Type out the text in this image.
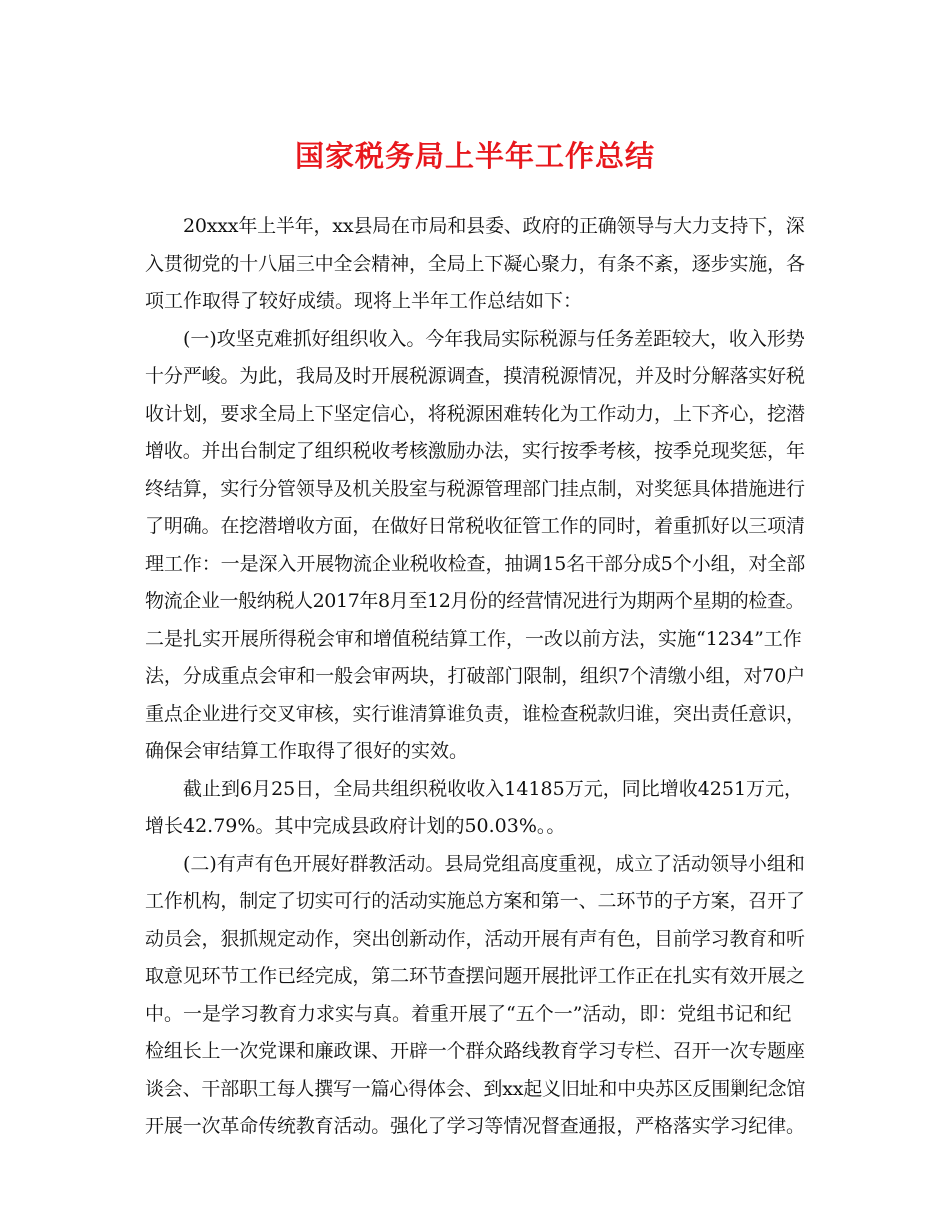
国家税务局上半年工作总结
20xxx年上半年，xx县局在市局和县委、政府的正确领导与大力支持下，深
入贯彻党的十八届三中全会精神，全局上下凝心聚力，有条不紊，逐步实施，各
项工作取得了较好成绩。现将上半年工作总结如下：
(一)攻坚克难抓好组织收入。今年我局实际税源与任务差距较大，收入形势
十分严峻。为此，我局及时开展税源调查，摸清税源情况，并及时分解落实好税
收计划，要求全局上下坚定信心，将税源困难转化为工作动力，上下齐心，挖潜
增收。并出台制定了组织税收考核激励办法，实行按季考核，按季兑现奖惩，年
终结算，实行分管领导及机关股室与税源管理部门挂点制，对奖惩具体措施进行
了明确。在挖潜增收方面，在做好日常税收征管工作的同时，着重抓好以三项清
理工作：一是深入开展物流企业税收检查，抽调15名干部分成5个小组，对全部
物流企业一般纳税人2017年8月至12月份的经营情况进行为期两个星期的检查。
二是扎实开展所得税会审和增值税结算工作，一改以前方法，实施“1234”工作
法，分成重点会审和一般会审两块，打破部门限制，组织7个清缴小组，对70户
重点企业进行交叉审核，实行谁清算谁负责，谁检查税款归谁，突出责任意识，
确保会审结算工作取得了很好的实效。
截止到6月25日，全局共组织税收收入14185万元，同比增收4251万元，
增长42.79%。其中完成县政府计划的50.03%。。
(二)有声有色开展好群教活动。县局党组高度重视，成立了活动领导小组和
工作机构，制定了切实可行的活动实施总方案和第一、二环节的子方案，召开了
动员会，狠抓规定动作，突出创新动作，活动开展有声有色，目前学习教育和听
取意见环节工作已经完成，第二环节查摆问题开展批评工作正在扎实有效开展之
中。一是学习教育力求实与真。着重开展了“五个一”活动，即：党组书记和纪
检组长上一次党课和廉政课、开辟一个群众路线教育学习专栏、召开一次专题座
谈会、干部职工每人撰写一篇心得体会、到xx起义旧址和中央苏区反围剿纪念馆
开展一次革命传统教育活动。强化了学习等情况督查通报，严格落实学习纪律。
